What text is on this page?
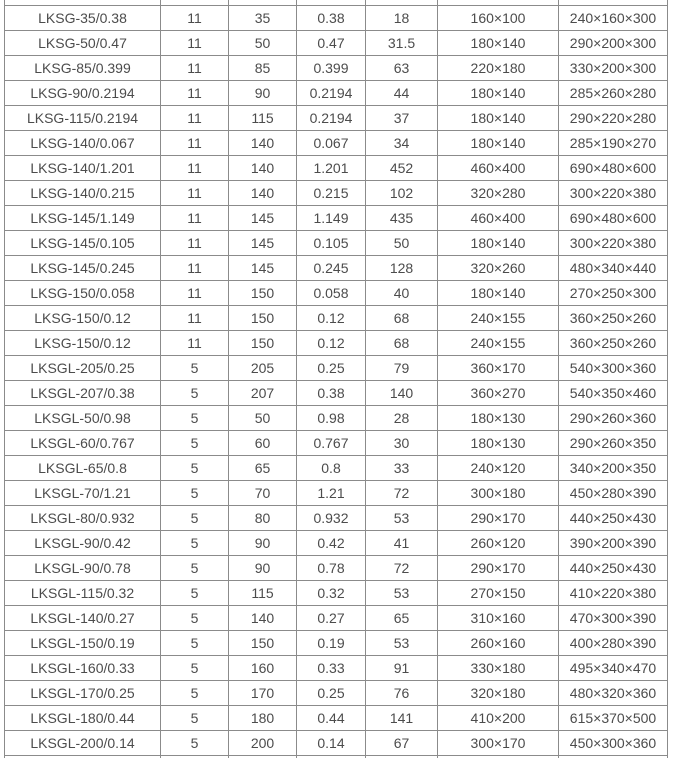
LKSG-35/0.38	11	35	0.38	18	160×100	240×160×300
LKSG-50/0.47	11	50	0.47	31.5	180×140	290×200×300
LKSG-85/0.399	11	85	0.399	63	220×180	330×200×300
LKSG-90/0.2194	11	90	0.2194	44	180×140	285×260×280
LKSG-115/0.2194	11	115	0.2194	37	180×140	290×220×280
LKSG-140/0.067	11	140	0.067	34	180×140	285×190×270
LKSG-140/1.201	11	140	1.201	452	460×400	690×480×600
LKSG-140/0.215	11	140	0.215	102	320×280	300×220×380
LKSG-145/1.149	11	145	1.149	435	460×400	690×480×600
LKSG-145/0.105	11	145	0.105	50	180×140	300×220×380
LKSG-145/0.245	11	145	0.245	128	320×260	480×340×440
LKSG-150/0.058	11	150	0.058	40	180×140	270×250×300
LKSG-150/0.12	11	150	0.12	68	240×155	360×250×260
LKSG-150/0.12	11	150	0.12	68	240×155	360×250×260
LKSGL-205/0.25	5	205	0.25	79	360×170	540×300×360
LKSGL-207/0.38	5	207	0.38	140	360×270	540×350×460
LKSGL-50/0.98	5	50	0.98	28	180×130	290×260×360
LKSGL-60/0.767	5	60	0.767	30	180×130	290×260×350
LKSGL-65/0.8	5	65	0.8	33	240×120	340×200×350
LKSGL-70/1.21	5	70	1.21	72	300×180	450×280×390
LKSGL-80/0.932	5	80	0.932	53	290×170	440×250×430
LKSGL-90/0.42	5	90	0.42	41	260×120	390×200×390
LKSGL-90/0.78	5	90	0.78	72	290×170	440×250×430
LKSGL-115/0.32	5	115	0.32	53	270×150	410×220×380
LKSGL-140/0.27	5	140	0.27	65	310×160	470×300×390
LKSGL-150/0.19	5	150	0.19	53	260×160	400×280×390
LKSGL-160/0.33	5	160	0.33	91	330×180	495×340×470
LKSGL-170/0.25	5	170	0.25	76	320×180	480×320×360
LKSGL-180/0.44	5	180	0.44	141	410×200	615×370×500
LKSGL-200/0.14	5	200	0.14	67	300×170	450×300×360
